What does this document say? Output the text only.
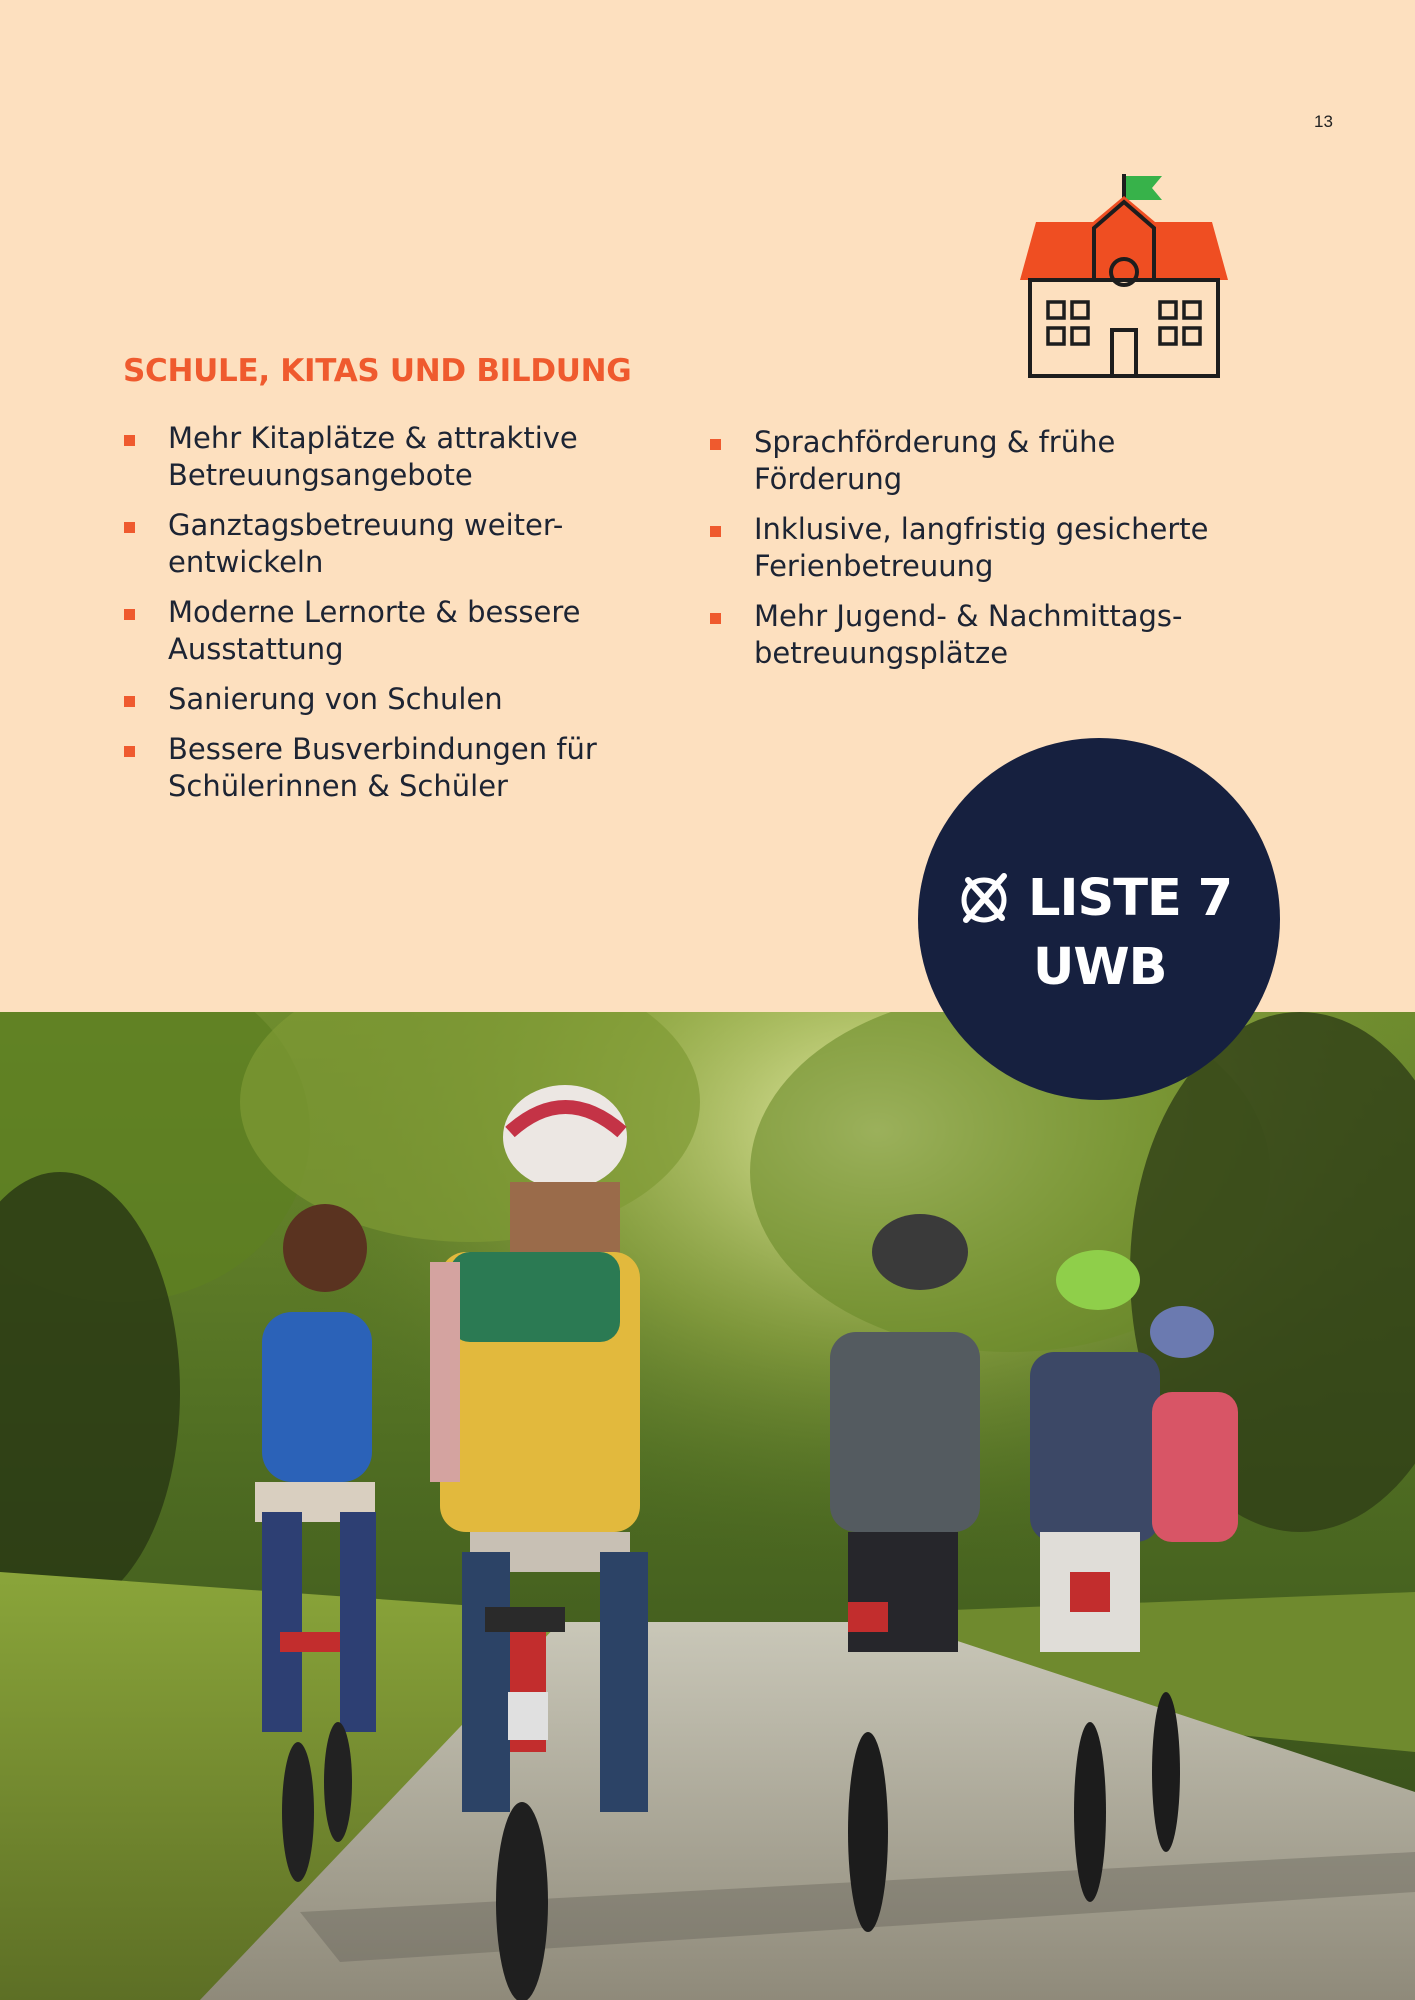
13
SCHULE, KITAS UND BILDUNG
Mehr Kitaplätze & attraktive
Betreuungsangebote
Ganztagsbetreuung weiter-
entwickeln
Moderne Lernorte & bessere
Ausstattung
Sanierung von Schulen
Bessere Busverbindungen für
Schülerinnen & Schüler
Sprachförderung & frühe
Förderung
Inklusive, langfristig gesicherte
Ferienbetreuung
Mehr Jugend- & Nachmittags-
betreuungsplätze
LISTE 7
UWB
